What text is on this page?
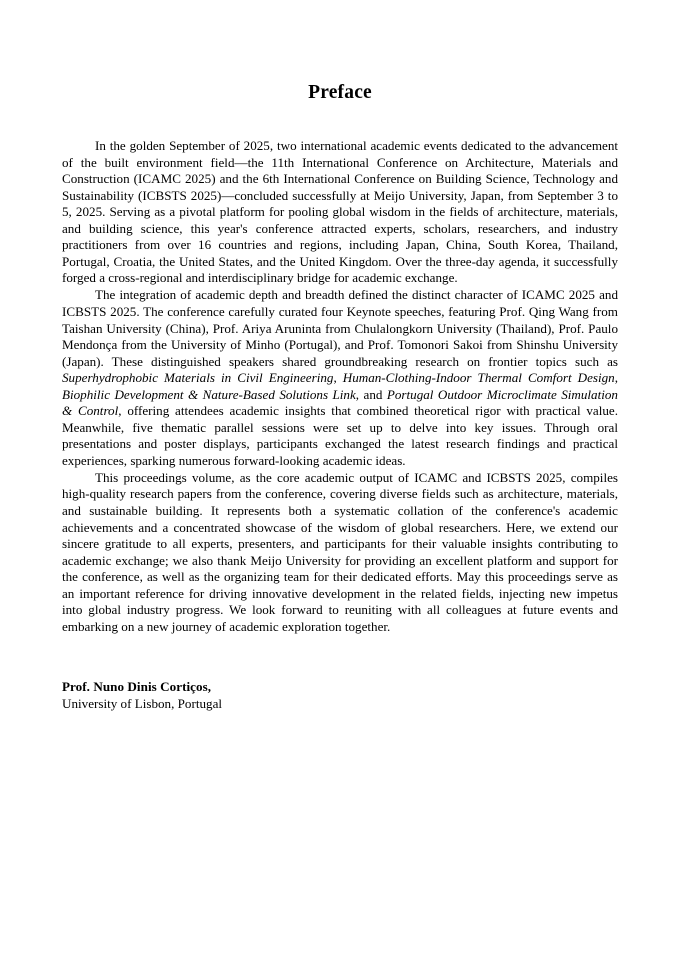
Preface

In the golden September of 2025, two international academic events dedicated to the advancement of the built environment field—the 11th International Conference on Architecture, Materials and Construction (ICAMC 2025) and the 6th International Conference on Building Science, Technology and Sustainability (ICBSTS 2025)—concluded successfully at Meijo University, Japan, from September 3 to 5, 2025. Serving as a pivotal platform for pooling global wisdom in the fields of architecture, materials, and building science, this year's conference attracted experts, scholars, researchers, and industry practitioners from over 16 countries and regions, including Japan, China, South Korea, Thailand, Portugal, Croatia, the United States, and the United Kingdom. Over the three-day agenda, it successfully forged a cross-regional and interdisciplinary bridge for academic exchange.

The integration of academic depth and breadth defined the distinct character of ICAMC 2025 and ICBSTS 2025. The conference carefully curated four Keynote speeches, featuring Prof. Qing Wang from Taishan University (China), Prof. Ariya Aruninta from Chulalongkorn University (Thailand), Prof. Paulo Mendonça from the University of Minho (Portugal), and Prof. Tomonori Sakoi from Shinshu University (Japan). These distinguished speakers shared groundbreaking research on frontier topics such as Superhydrophobic Materials in Civil Engineering, Human-Clothing-Indoor Thermal Comfort Design, Biophilic Development & Nature-Based Solutions Link, and Portugal Outdoor Microclimate Simulation & Control, offering attendees academic insights that combined theoretical rigor with practical value. Meanwhile, five thematic parallel sessions were set up to delve into key issues. Through oral presentations and poster displays, participants exchanged the latest research findings and practical experiences, sparking numerous forward-looking academic ideas.

This proceedings volume, as the core academic output of ICAMC and ICBSTS 2025, compiles high-quality research papers from the conference, covering diverse fields such as architecture, materials, and sustainable building. It represents both a systematic collation of the conference's academic achievements and a concentrated showcase of the wisdom of global researchers. Here, we extend our sincere gratitude to all experts, presenters, and participants for their valuable insights contributing to academic exchange; we also thank Meijo University for providing an excellent platform and support for the conference, as well as the organizing team for their dedicated efforts. May this proceedings serve as an important reference for driving innovative development in the related fields, injecting new impetus into global industry progress. We look forward to reuniting with all colleagues at future events and embarking on a new journey of academic exploration together.

Prof. Nuno Dinis Cortiços,
University of Lisbon, Portugal
